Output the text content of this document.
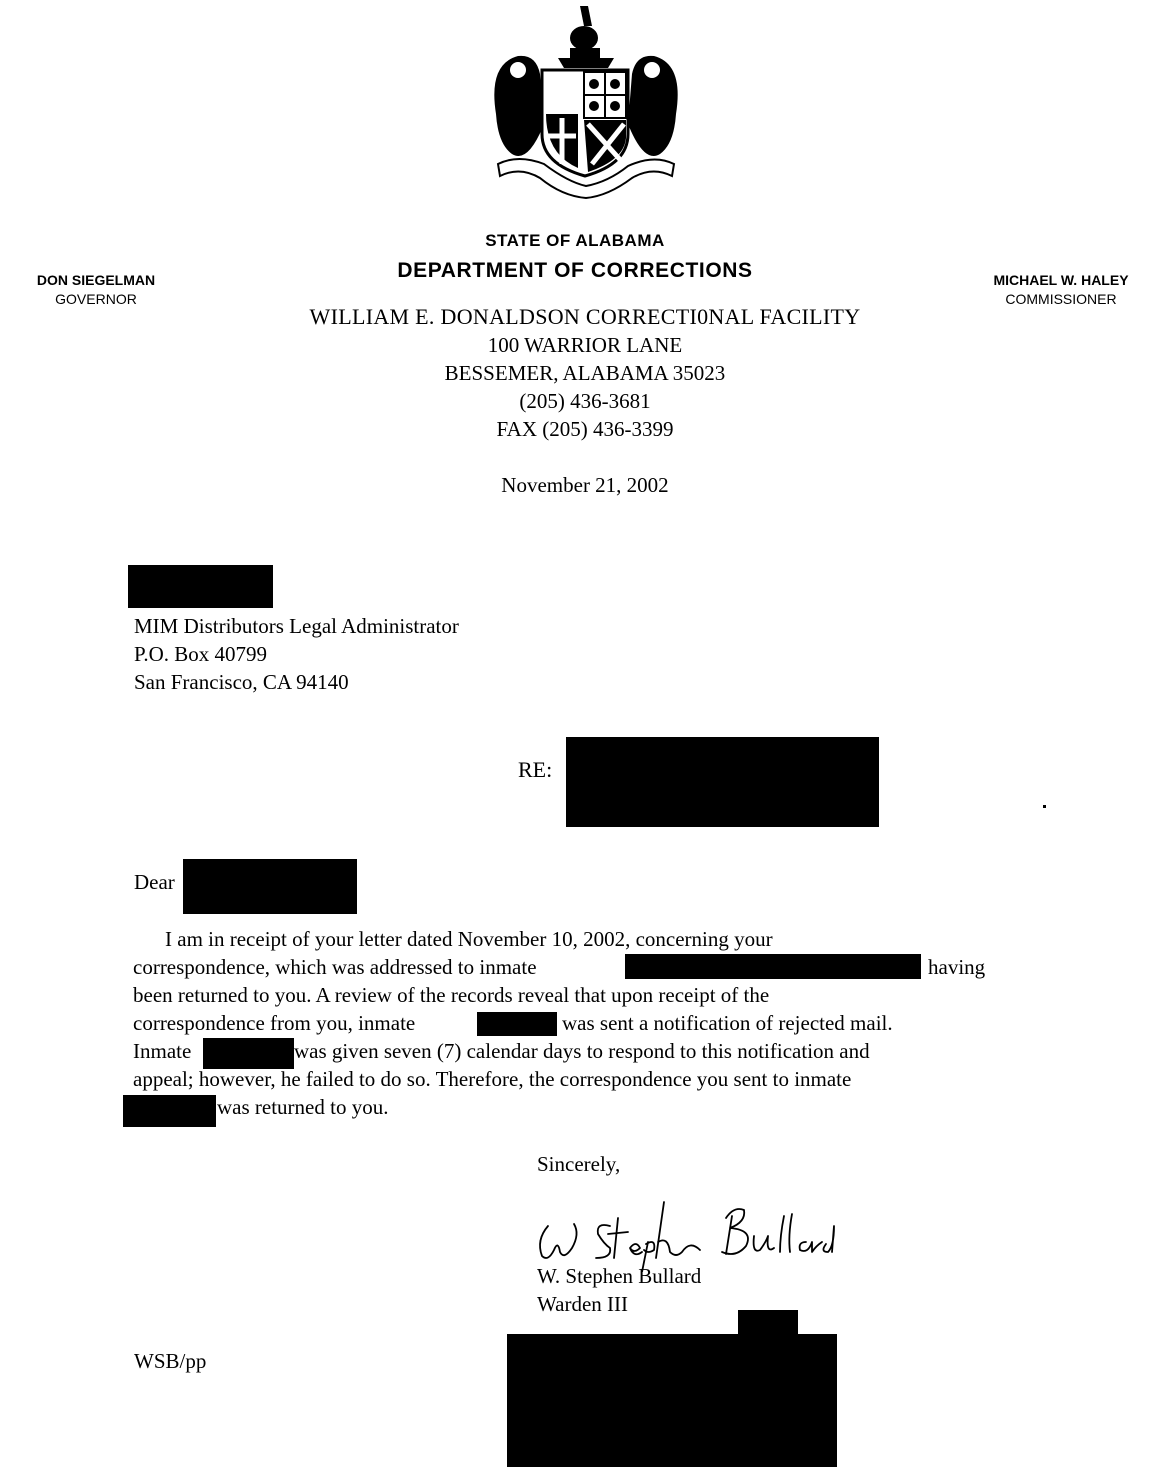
STATE OF ALABAMA
DEPARTMENT OF CORRECTIONS
DON SIEGELMAN
GOVERNOR
MICHAEL W. HALEY
COMMISSIONER
WILLIAM E. DONALDSON CORRECTI0NAL FACILITY
100 WARRIOR LANE
BESSEMER, ALABAMA 35023
(205) 436-3681
FAX (205) 436-3399
November 21, 2002
MIM Distributors Legal Administrator
P.O. Box 40799
San Francisco, CA 94140
RE:
Dear
I am in receipt of your letter dated November 10, 2002, concerning your
correspondence, which was addressed to inmate	having
been returned to you. A review of the records reveal that upon receipt of the
correspondence from you, inmate	was sent a notification of rejected mail.
Inmate	was given seven (7) calendar days to respond to this notification and
appeal; however, he failed to do so. Therefore, the correspondence you sent to inmate
was returned to you.
Sincerely,
W. Stephen Bullard
Warden III
WSB/pp
